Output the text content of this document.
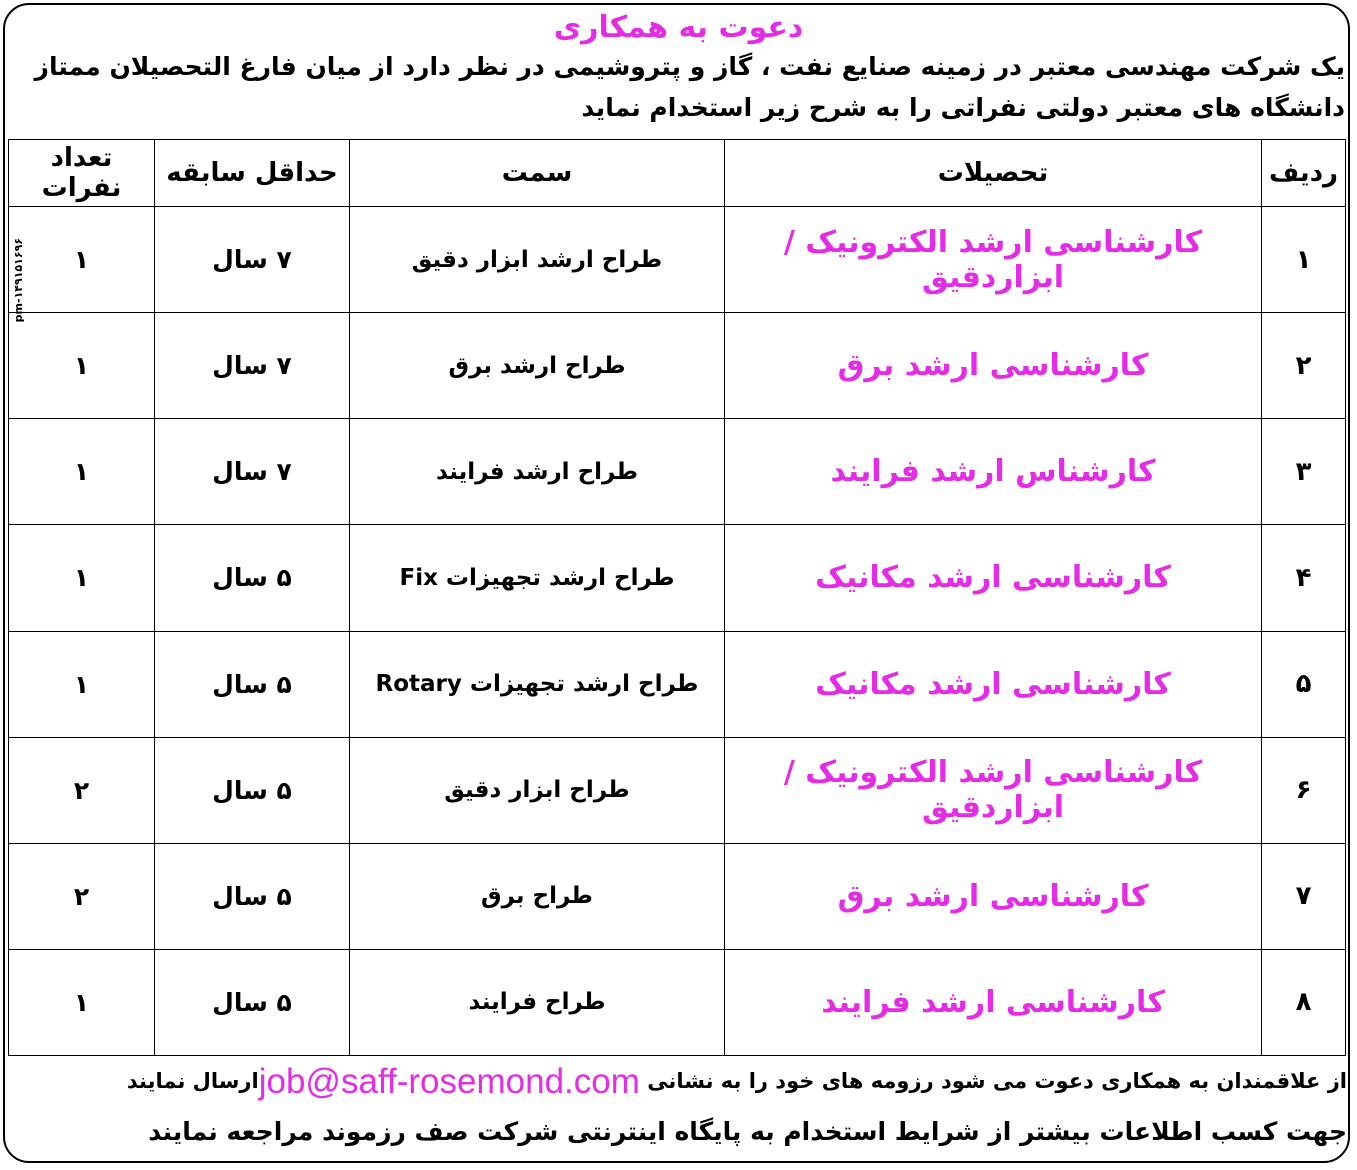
دعوت به همکاری
یک شرکت مهندسی معتبر در زمینه صنایع نفت ، گاز و پتروشیمی در نظر دارد از میان فارغ التحصیلان ممتاز
دانشگاه های معتبر دولتی نفراتی را به شرح زیر استخدام نماید
ردیف	تحصیلات	سمت	حداقل سابقه	تعداد نفرات
۱	کارشناسی ارشد الکترونیک / ابزاردقیق	طراح ارشد ابزار دقیق	۷ سال	۱
۲	کارشناسی ارشد برق	طراح ارشد برق	۷ سال	۱
۳	کارشناس ارشد فرایند	طراح ارشد فرایند	۷ سال	۱
۴	کارشناسی ارشد مکانیک	طراح ارشد تجهیزات Fix	۵ سال	۱
۵	کارشناسی ارشد مکانیک	طراح ارشد تجهیزات Rotary	۵ سال	۱
۶	کارشناسی ارشد الکترونیک / ابزاردقیق	طراح ابزار دقیق	۵ سال	۲
۷	کارشناسی ارشد برق	طراح برق	۵ سال	۲
۸	کارشناسی ارشد فرایند	طراح فرایند	۵ سال	۱
pm-۱۴۹۱۵۱۶۹۶
از علاقمندان به همکاری دعوت می شود رزومه های خود را به نشانی job@saff-rosemond.comارسال نمایند
جهت کسب اطلاعات بیشتر از شرایط استخدام به پایگاه اینترنتی شرکت صف رزموند مراجعه نمایند
